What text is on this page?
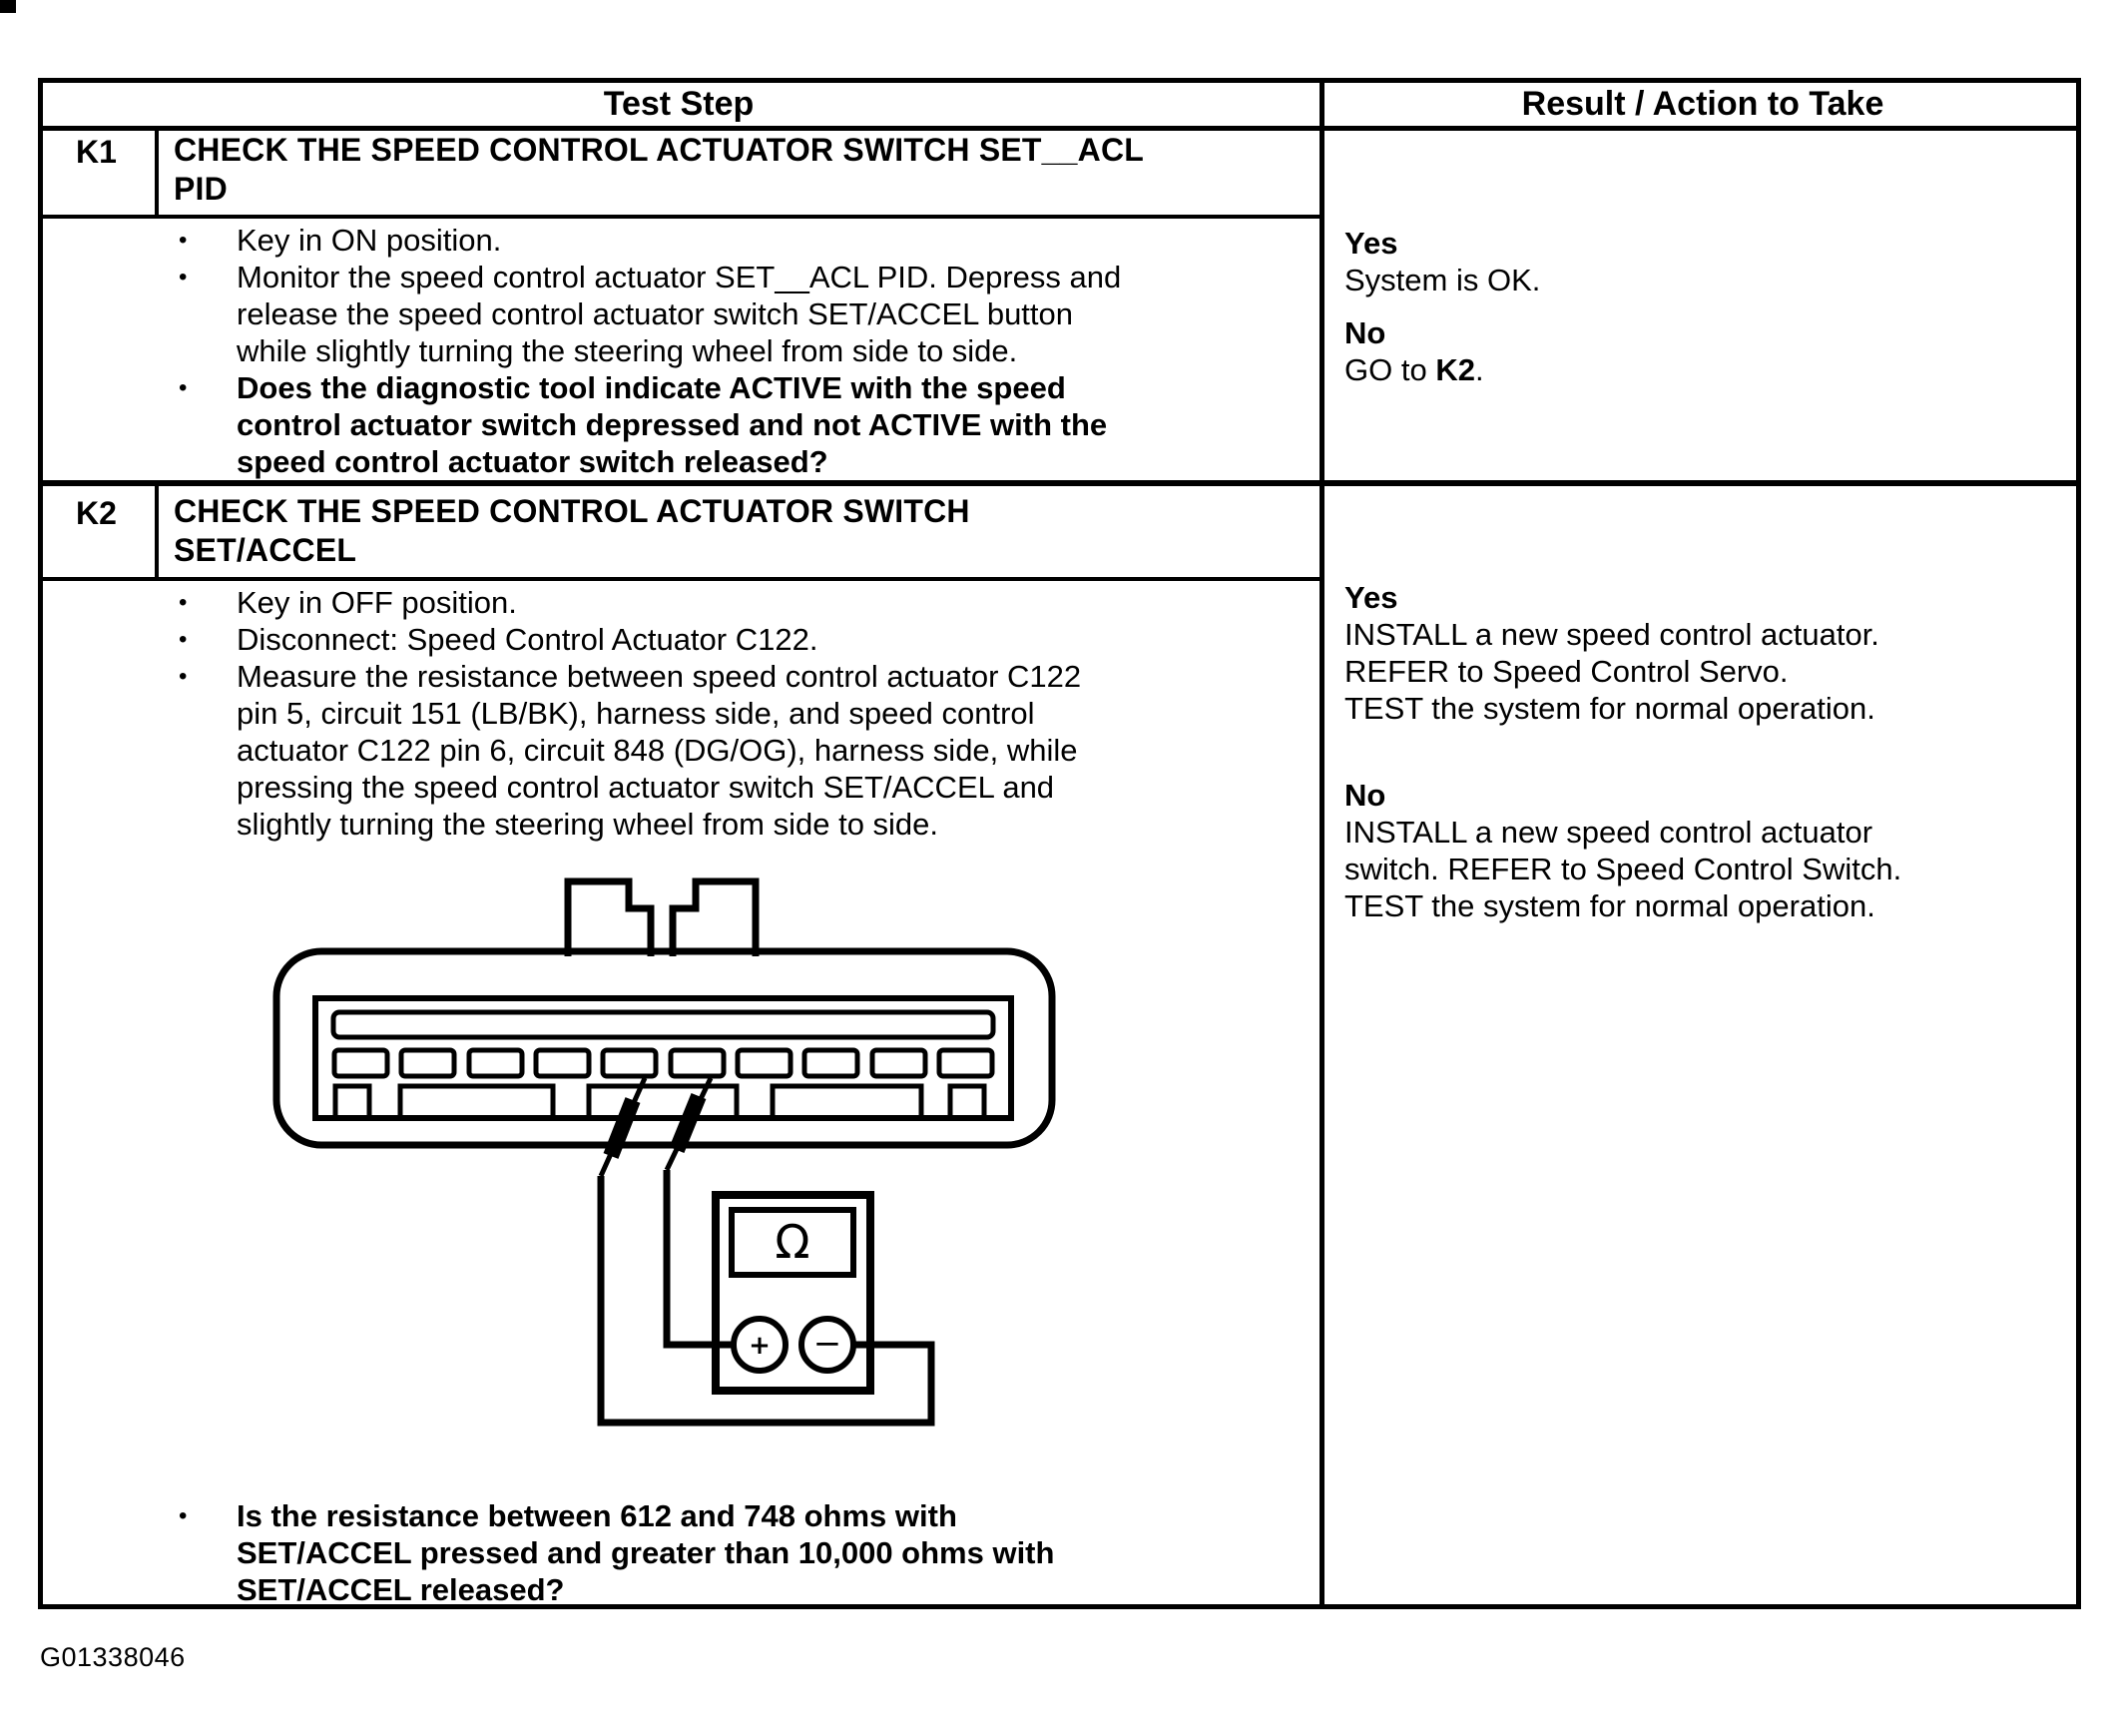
Test Step	Result / Action to Take
K1	CHECK THE SPEED CONTROL ACTUATOR SWITCH SET__ACL
PID
•	Key in ON position.
•	Monitor the speed control actuator SET__ACL PID. Depress and
release the speed control actuator switch SET/ACCEL button
while slightly turning the steering wheel from side to side.
•	Does the diagnostic tool indicate ACTIVE with the speed
control actuator switch depressed and not ACTIVE with the
speed control actuator switch released?
Yes
System is OK.
No
GO to K2.
K2	CHECK THE SPEED CONTROL ACTUATOR SWITCH
SET/ACCEL
•	Key in OFF position.
•	Disconnect: Speed Control Actuator C122.
•	Measure the resistance between speed control actuator C122
pin 5, circuit 151 (LB/BK), harness side, and speed control
actuator C122 pin 6, circuit 848 (DG/OG), harness side, while
pressing the speed control actuator switch SET/ACCEL and
slightly turning the steering wheel from side to side.
Ω
+ −
•	Is the resistance between 612 and 748 ohms with
SET/ACCEL pressed and greater than 10,000 ohms with
SET/ACCEL released?
Yes
INSTALL a new speed control actuator.
REFER to Speed Control Servo.
TEST the system for normal operation.
No
INSTALL a new speed control actuator
switch. REFER to Speed Control Switch.
TEST the system for normal operation.
G01338046
